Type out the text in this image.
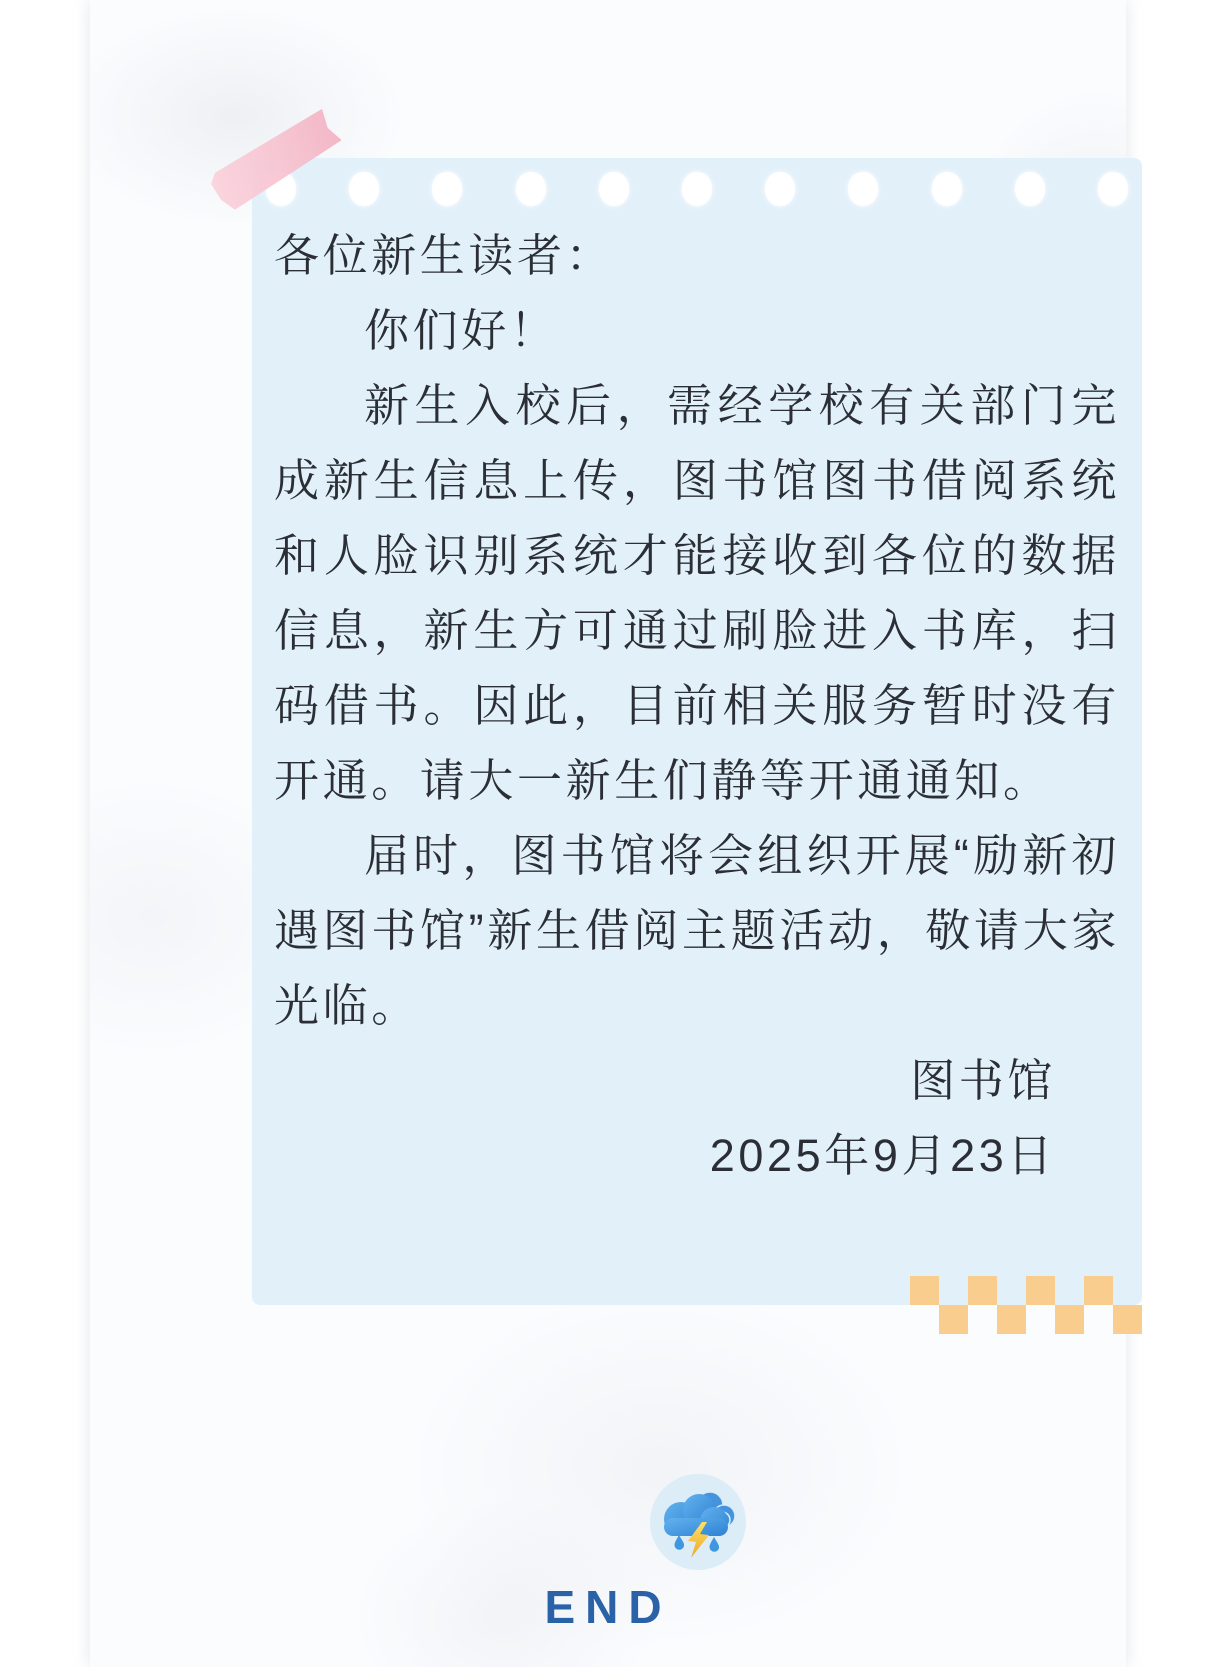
各位新生读者：

你们好！

新生入校后，需经学校有关部门完成新生信息上传，图书馆图书借阅系统和人脸识别系统才能接收到各位的数据信息，新生方可通过刷脸进入书库，扫码借书。因此，目前相关服务暂时没有开通。请大一新生们静等开通通知。

届时，图书馆将会组织开展“励新初遇图书馆”新生借阅主题活动，敬请大家光临。

图书馆

2025年9月23日

END
